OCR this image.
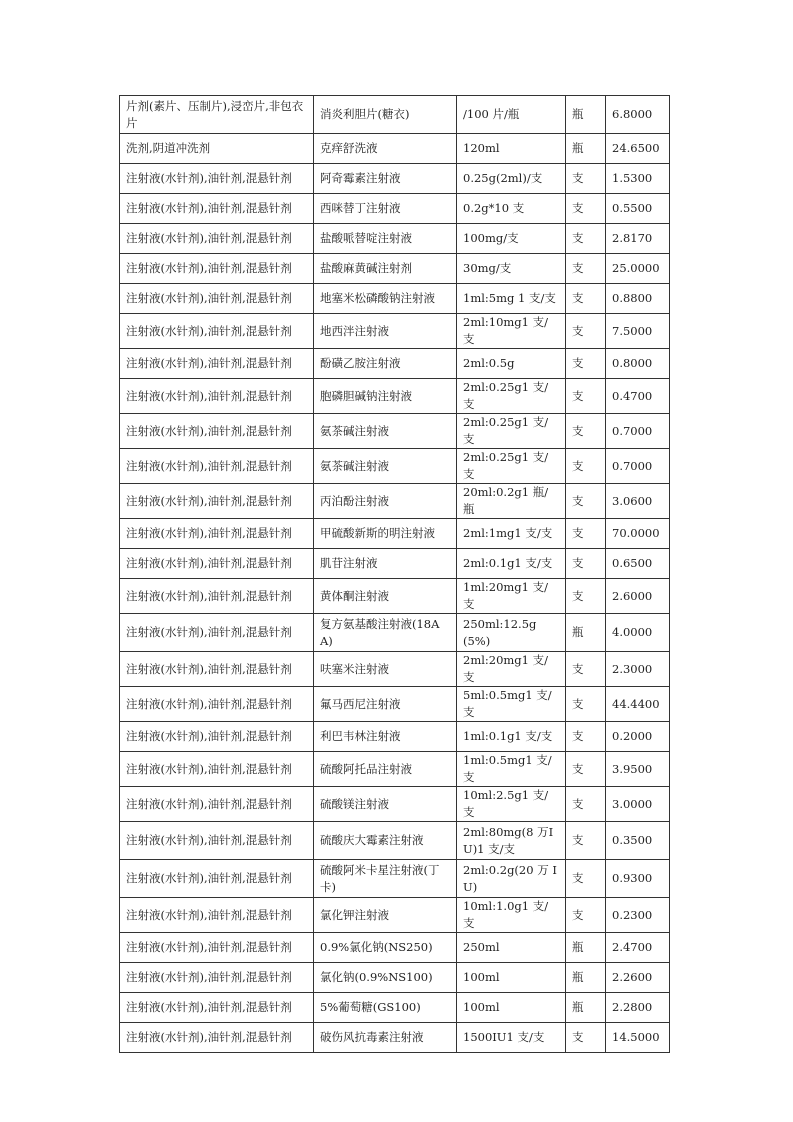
片剂(素片、压制片),浸峦片,非包衣片	消炎利胆片(糖衣)	/100 片/瓶	瓶	6.8000
洗剂,阴道冲洗剂	克痒舒洗液	120ml	瓶	24.6500
注射液(水针剂),油针剂,混悬针剂	阿奇霉素注射液	0.25g(2ml)/支	支	1.5300
注射液(水针剂),油针剂,混悬针剂	西咪替丁注射液	0.2g*10 支	支	0.5500
注射液(水针剂),油针剂,混悬针剂	盐酸哌替啶注射液	100mg/支	支	2.8170
注射液(水针剂),油针剂,混悬针剂	盐酸麻黄碱注射剂	30mg/支	支	25.0000
注射液(水针剂),油针剂,混悬针剂	地塞米松磷酸钠注射液	1ml:5mg 1 支/支	支	0.8800
注射液(水针剂),油针剂,混悬针剂	地西泮注射液	2ml:10mg1 支/支	支	7.5000
注射液(水针剂),油针剂,混悬针剂	酚磺乙胺注射液	2ml:0.5g	支	0.8000
注射液(水针剂),油针剂,混悬针剂	胞磷胆碱钠注射液	2ml:0.25g1 支/支	支	0.4700
注射液(水针剂),油针剂,混悬针剂	氨茶碱注射液	2ml:0.25g1 支/支	支	0.7000
注射液(水针剂),油针剂,混悬针剂	氨茶碱注射液	2ml:0.25g1 支/支	支	0.7000
注射液(水针剂),油针剂,混悬针剂	丙泊酚注射液	20ml:0.2g1 瓶/瓶	支	3.0600
注射液(水针剂),油针剂,混悬针剂	甲硫酸新斯的明注射液	2ml:1mg1 支/支	支	70.0000
注射液(水针剂),油针剂,混悬针剂	肌苷注射液	2ml:0.1g1 支/支	支	0.6500
注射液(水针剂),油针剂,混悬针剂	黄体酮注射液	1ml:20mg1 支/支	支	2.6000
注射液(水针剂),油针剂,混悬针剂	复方氨基酸注射液(18AA)	250ml:12.5g(5%)	瓶	4.0000
注射液(水针剂),油针剂,混悬针剂	呋塞米注射液	2ml:20mg1 支/支	支	2.3000
注射液(水针剂),油针剂,混悬针剂	氟马西尼注射液	5ml:0.5mg1 支/支	支	44.4400
注射液(水针剂),油针剂,混悬针剂	利巴韦林注射液	1ml:0.1g1 支/支	支	0.2000
注射液(水针剂),油针剂,混悬针剂	硫酸阿托品注射液	1ml:0.5mg1 支/支	支	3.9500
注射液(水针剂),油针剂,混悬针剂	硫酸镁注射液	10ml:2.5g1 支/支	支	3.0000
注射液(水针剂),油针剂,混悬针剂	硫酸庆大霉素注射液	2ml:80mg(8 万IU)1 支/支	支	0.3500
注射液(水针剂),油针剂,混悬针剂	硫酸阿米卡星注射液(丁卡)	2ml:0.2g(20 万 IU)	支	0.9300
注射液(水针剂),油针剂,混悬针剂	氯化钾注射液	10ml:1.0g1 支/支	支	0.2300
注射液(水针剂),油针剂,混悬针剂	0.9%氯化钠(NS250)	250ml	瓶	2.4700
注射液(水针剂),油针剂,混悬针剂	氯化钠(0.9%NS100)	100ml	瓶	2.2600
注射液(水针剂),油针剂,混悬针剂	5%葡萄糖(GS100)	100ml	瓶	2.2800
注射液(水针剂),油针剂,混悬针剂	破伤风抗毒素注射液	1500IU1 支/支	支	14.5000
